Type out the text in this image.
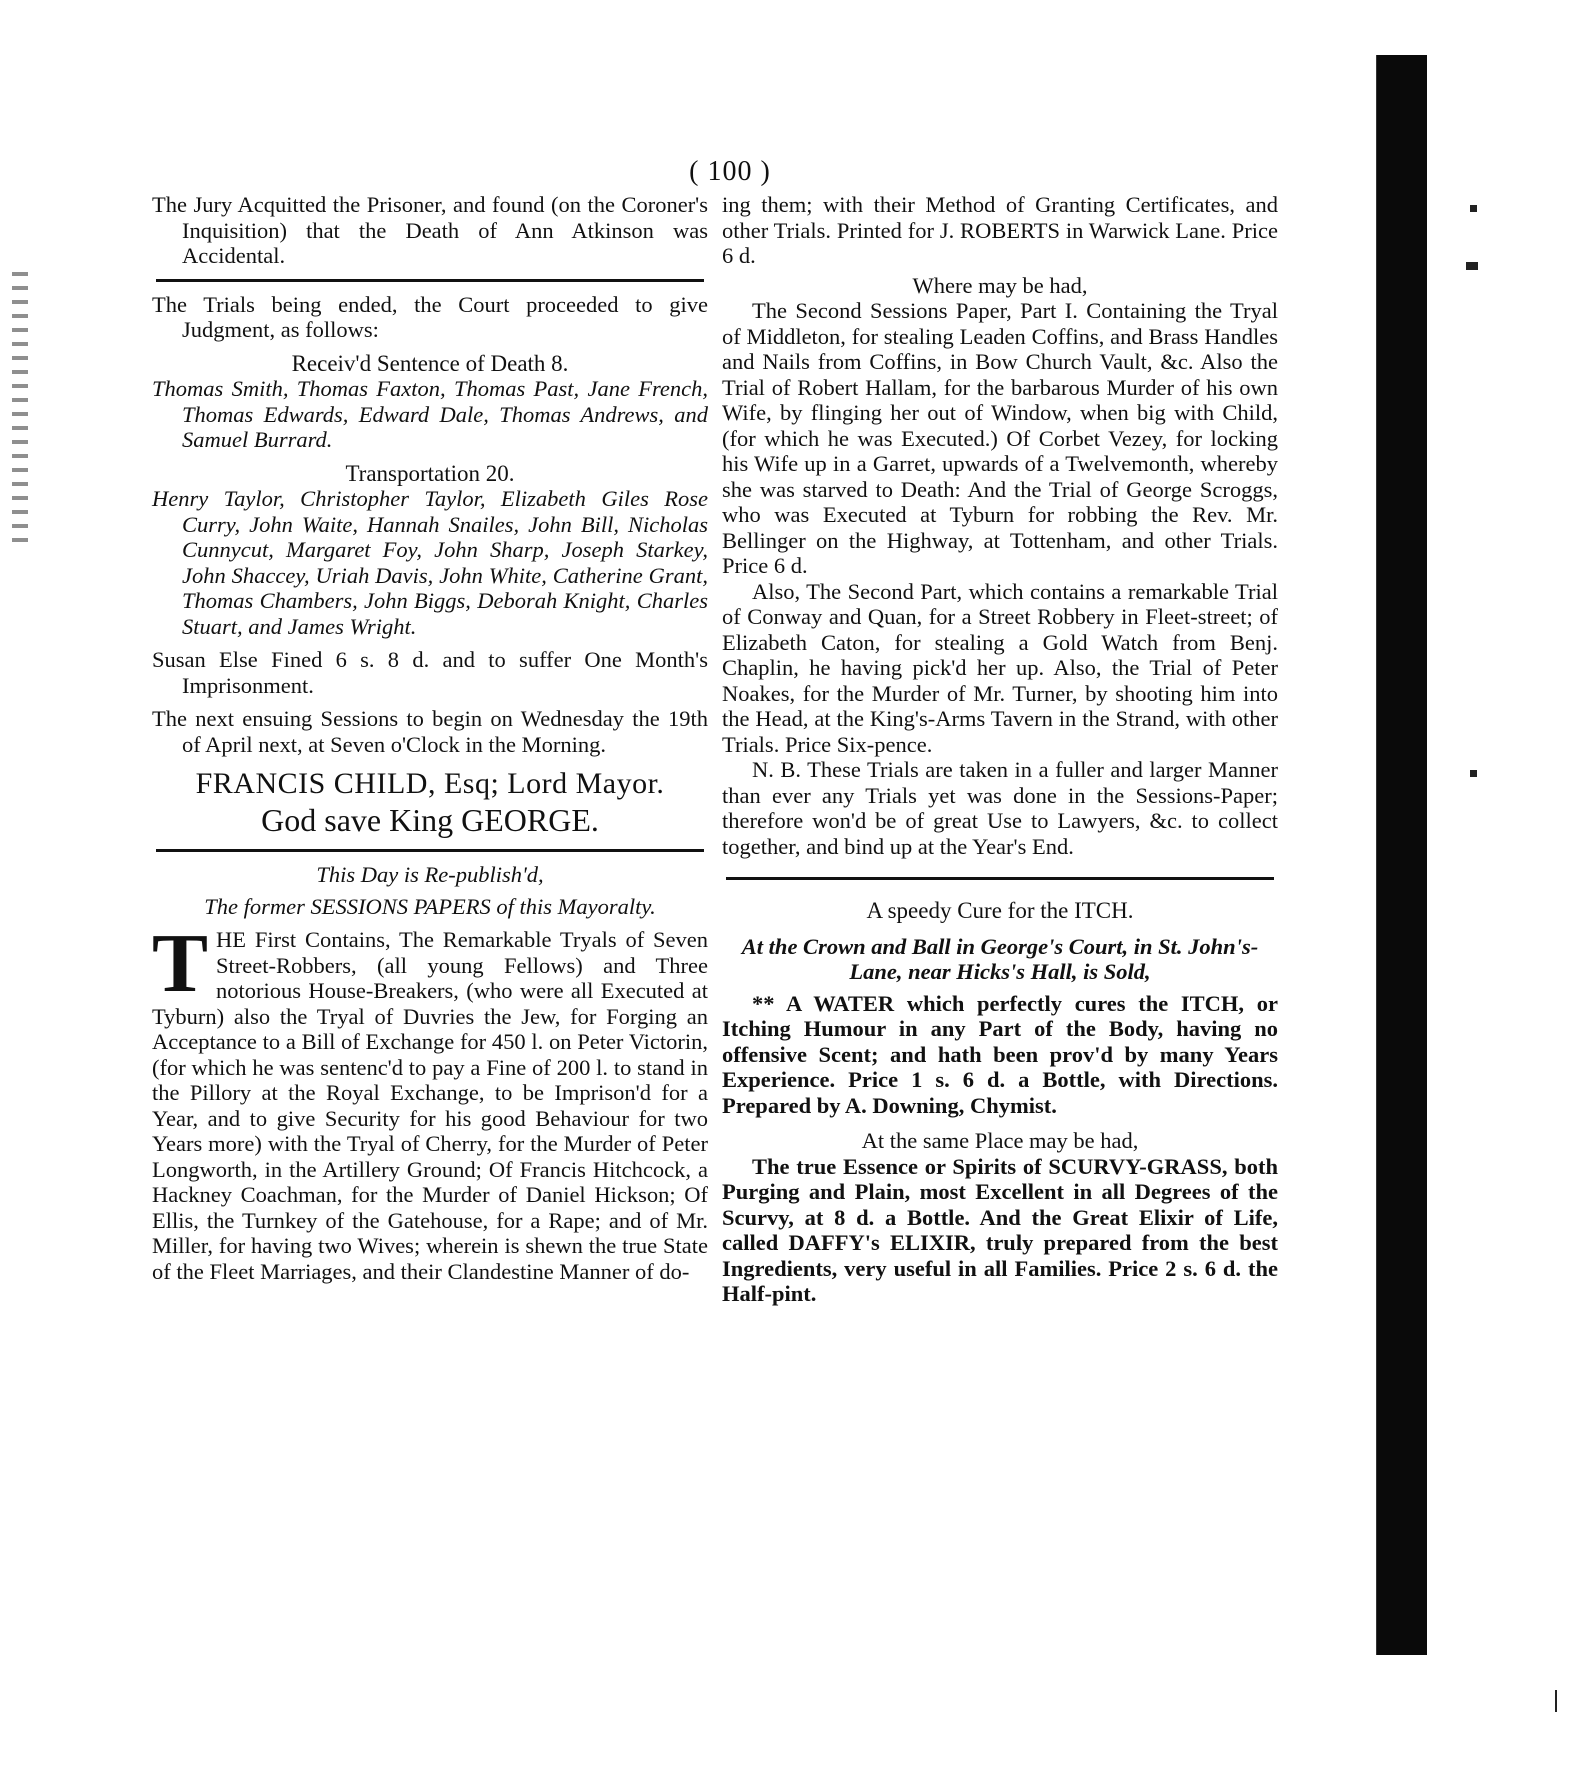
( 100 )

The Jury Acquitted the Prisoner, and found (on the Coroner's Inquisition) that the Death of Ann Atkinson was Accidental.

The Trials being ended, the Court proceeded to give Judgment, as follows:

Receiv'd Sentence of Death 8.

Thomas Smith, Thomas Faxton, Thomas Past, Jane French, Thomas Edwards, Edward Dale, Thomas Andrews, and Samuel Burrard.

Transportation 20.

Henry Taylor, Christopher Taylor, Elizabeth Giles Rose Curry, John Waite, Hannah Snailes, John Bill, Nicholas Cunnycut, Margaret Foy, John Sharp, Joseph Starkey, John Shaccey, Uriah Davis, John White, Catherine Grant, Thomas Chambers, John Biggs, Deborah Knight, Charles Stuart, and James Wright.

Susan Else Fined 6 s. 8 d. and to suffer One Month's Imprisonment.

The next ensuing Sessions to begin on Wednesday the 19th of April next, at Seven o'Clock in the Morning.

FRANCIS CHILD, Esq; Lord Mayor.

God save King GEORGE.

This Day is Re-publish'd,

The former SESSIONS PAPERS of this Mayoralty.

THE First Contains, The Remarkable Tryals of Seven Street-Robbers, (all young Fellows) and Three notorious House-Breakers, (who were all Executed at Tyburn) also the Tryal of Duvries the Jew, for Forging an Acceptance to a Bill of Exchange for 450 l. on Peter Victorin, (for which he was sentenc'd to pay a Fine of 200 l. to stand in the Pillory at the Royal Exchange, to be Imprison'd for a Year, and to give Security for his good Behaviour for two Years more) with the Tryal of Cherry, for the Murder of Peter Longworth, in the Artillery Ground; Of Francis Hitchcock, a Hackney Coachman, for the Murder of Daniel Hickson; Of Ellis, the Turnkey of the Gatehouse, for a Rape; and of Mr. Miller, for having two Wives; wherein is shewn the true State of the Fleet Marriages, and their Clandestine Manner of do-

ing them; with their Method of Granting Certificates, and other Trials. Printed for J. ROBERTS in Warwick Lane. Price 6 d.

Where may be had,

The Second Sessions Paper, Part I. Containing the Tryal of Middleton, for stealing Leaden Coffins, and Brass Handles and Nails from Coffins, in Bow Church Vault, &c. Also the Trial of Robert Hallam, for the barbarous Murder of his own Wife, by flinging her out of Window, when big with Child, (for which he was Executed.) Of Corbet Vezey, for locking his Wife up in a Garret, upwards of a Twelvemonth, whereby she was starved to Death: And the Trial of George Scroggs, who was Executed at Tyburn for robbing the Rev. Mr. Bellinger on the Highway, at Tottenham, and other Trials. Price 6 d.

Also, The Second Part, which contains a remarkable Trial of Conway and Quan, for a Street Robbery in Fleet-street; of Elizabeth Caton, for stealing a Gold Watch from Benj. Chaplin, he having pick'd her up. Also, the Trial of Peter Noakes, for the Murder of Mr. Turner, by shooting him into the Head, at the King's-Arms Tavern in the Strand, with other Trials. Price Six-pence.

N. B. These Trials are taken in a fuller and larger Manner than ever any Trials yet was done in the Sessions-Paper; therefore won'd be of great Use to Lawyers, &c. to collect together, and bind up at the Year's End.

A speedy Cure for the ITCH.

At the Crown and Ball in George's Court, in St. John's-Lane, near Hicks's Hall, is Sold,

** A WATER which perfectly cures the ITCH, or Itching Humour in any Part of the Body, having no offensive Scent; and hath been prov'd by many Years Experience. Price 1 s. 6 d. a Bottle, with Directions. Prepared by A. Downing, Chymist.

At the same Place may be had,

The true Essence or Spirits of SCURVY-GRASS, both Purging and Plain, most Excellent in all Degrees of the Scurvy, at 8 d. a Bottle. And the Great Elixir of Life, called DAFFY's ELIXIR, truly prepared from the best Ingredients, very useful in all Families. Price 2 s. 6 d. the Half-pint.
